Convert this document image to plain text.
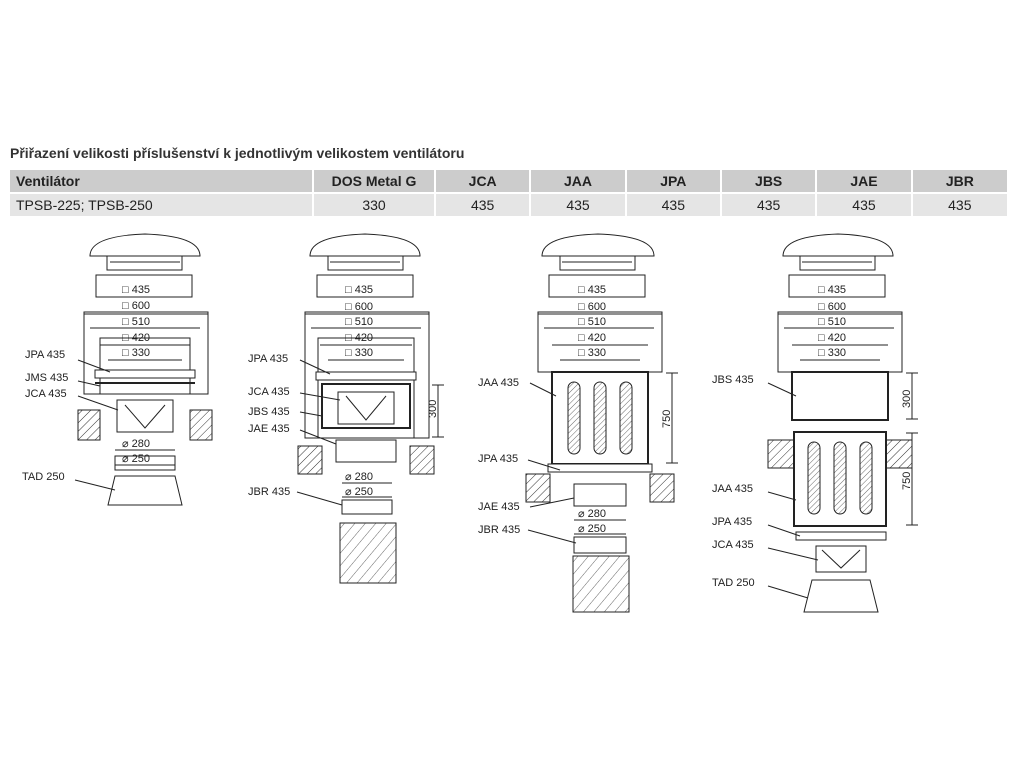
Přiřazení velikosti příslušenství k jednotlivým velikostem ventilátoru
Ventilátor	DOS Metal G	JCA	JAA	JPA	JBS	JAE	JBR
TPSB-225; TPSB-250	330	435	435	435	435	435	435
□ 435
□ 600
□ 510
□ 420
□ 330
⌀ 280
⌀ 250
JPA 435
JMS 435
JCA 435
TAD 250
□ 435
□ 600
□ 510
□ 420
□ 330
300
⌀ 280
⌀ 250
JPA 435
JCA 435
JBS 435
JAE 435
JBR 435
□ 435
□ 600
□ 510
□ 420
□ 330
750
⌀ 280
⌀ 250
JAA 435
JPA 435
JAE 435
JBR 435
□ 435
□ 600
□ 510
□ 420
□ 330
300
750
JBS 435
JAA 435
JPA 435
JCA 435
TAD 250
